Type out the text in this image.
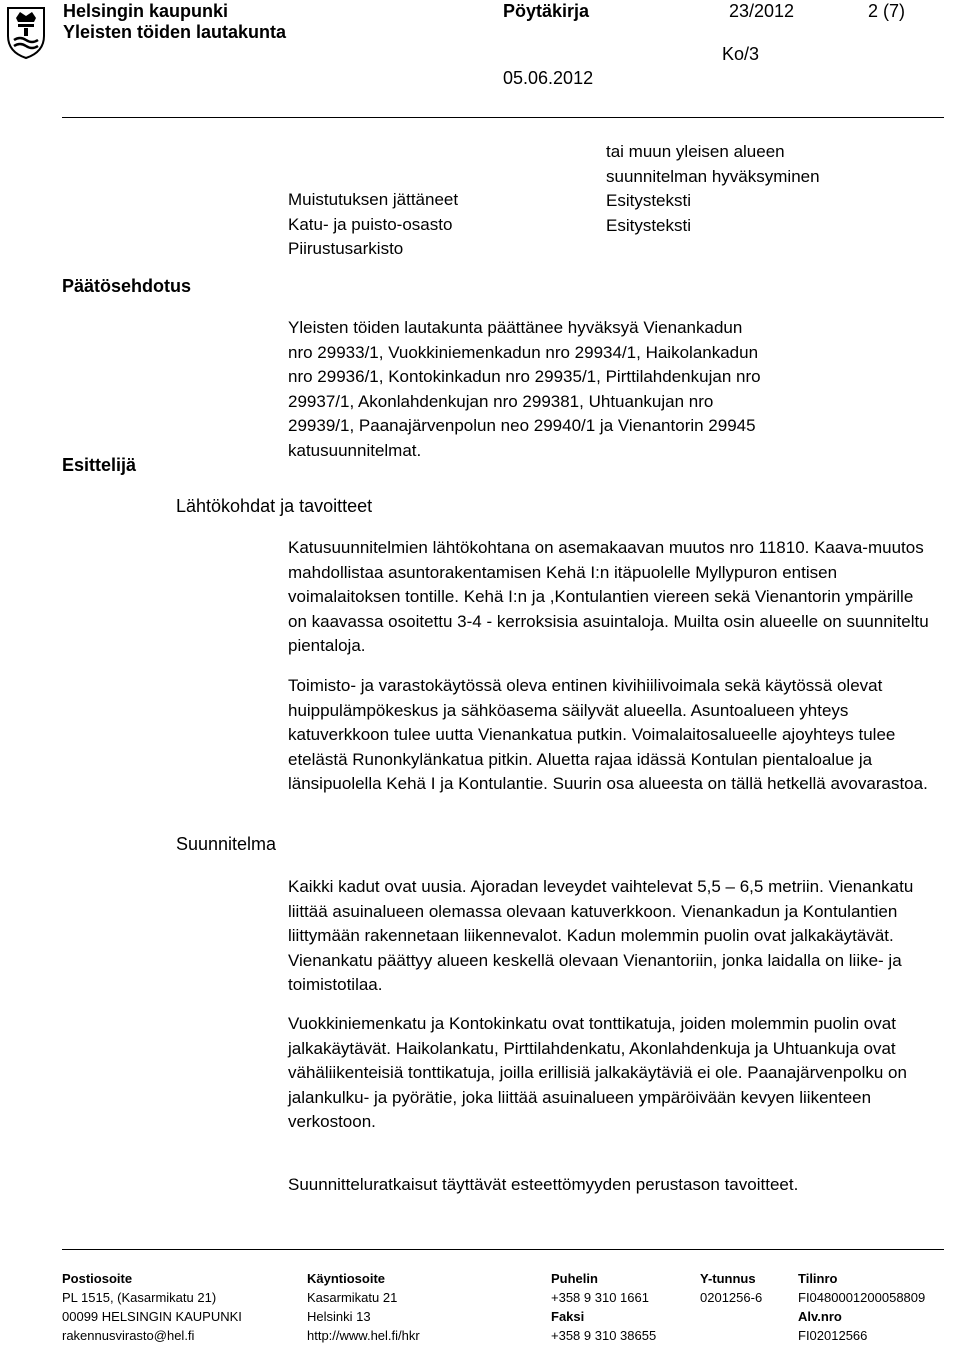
Helsingin kaupunki
Yleisten töiden lautakunta
Pöytäkirja	23/2012	2 (7)
Ko/3
05.06.2012
Muistutuksen jättäneet
Katu- ja puisto-osasto
Piirustusarkisto
tai muun yleisen alueen
suunnitelman hyväksyminen
Esitysteksti
Esitysteksti
Päätösehdotus
Esittelijä
Lähtökohdat ja tavoitteet
Suunnitelma

Yleisten töiden lautakunta päättänee hyväksyä Vienankadun nro 29933/1, Vuokkiniemenkadun nro 29934/1, Haikolankadun nro 29936/1, Kontokinkadun nro 29935/1, Pirttilahdenkujan nro 29937/1, Akonlahdenkujan nro 299381, Uhtuankujan nro 29939/1, Paanajärvenpolun neo 29940/1 ja Vienantorin 29945 katusuunnitelmat.

Katusuunnitelmien lähtökohtana on asemakaavan muutos nro 11810. Kaava-muutos mahdollistaa asuntorakentamisen Kehä I:n itäpuolelle Myllypuron entisen voimalaitoksen tontille. Kehä I:n ja ,Kontulantien viereen sekä Vienantorin ympärille on kaavassa osoitettu 3-4 - kerroksisia asuintaloja. Muilta osin alueelle on suunniteltu pientaloja.

Toimisto- ja varastokäytössä oleva entinen kivihiilivoimala sekä käytössä olevat huippulämpökeskus ja sähköasema säilyvät alueella. Asuntoalueen yhteys katuverkkoon tulee uutta Vienankatua putkin. Voimalaitosalueelle ajoyhteys tulee etelästä Runonkylänkatua pitkin. Aluetta rajaa idässä Kontulan pientaloalue ja länsipuolella Kehä I ja Kontulantie. Suurin osa alueesta on tällä hetkellä avovarastoa.

Kaikki kadut ovat uusia. Ajoradan leveydet vaihtelevat 5,5 – 6,5 metriin. Vienankatu liittää asuinalueen olemassa olevaan katuverkkoon. Vienankadun ja Kontulantien liittymään rakennetaan liikennevalot. Kadun molemmin puolin ovat jalkakäytävät. Vienankatu päättyy alueen keskellä olevaan Vienantoriin, jonka laidalla on liike- ja toimistotilaa.

Vuokkiniemenkatu ja Kontokinkatu ovat tonttikatuja, joiden molemmin puolin ovat jalkakäytävät. Haikolankatu, Pirttilahdenkatu, Akonlahdenkuja ja Uhtuankuja ovat vähäliikenteisiä tonttikatuja, joilla erillisiä jalkakäytäviä ei ole. Paanajärvenpolku on jalankulku- ja pyörätie, joka liittää asuinalueen ympäröivään kevyen liikenteen verkostoon.

Suunnitteluratkaisut täyttävät esteettömyyden perustason tavoitteet.

Postiosoite
PL 1515, (Kasarmikatu 21)
00099 HELSINGIN KAUPUNKI
rakennusvirasto@hel.fi
Käyntiosoite
Kasarmikatu 21
Helsinki 13
http://www.hel.fi/hkr
Puhelin
+358 9 310 1661
Faksi
+358 9 310 38655
Y-tunnus
0201256-6
Tilinro
FI0480001200058809
Alv.nro
FI02012566
